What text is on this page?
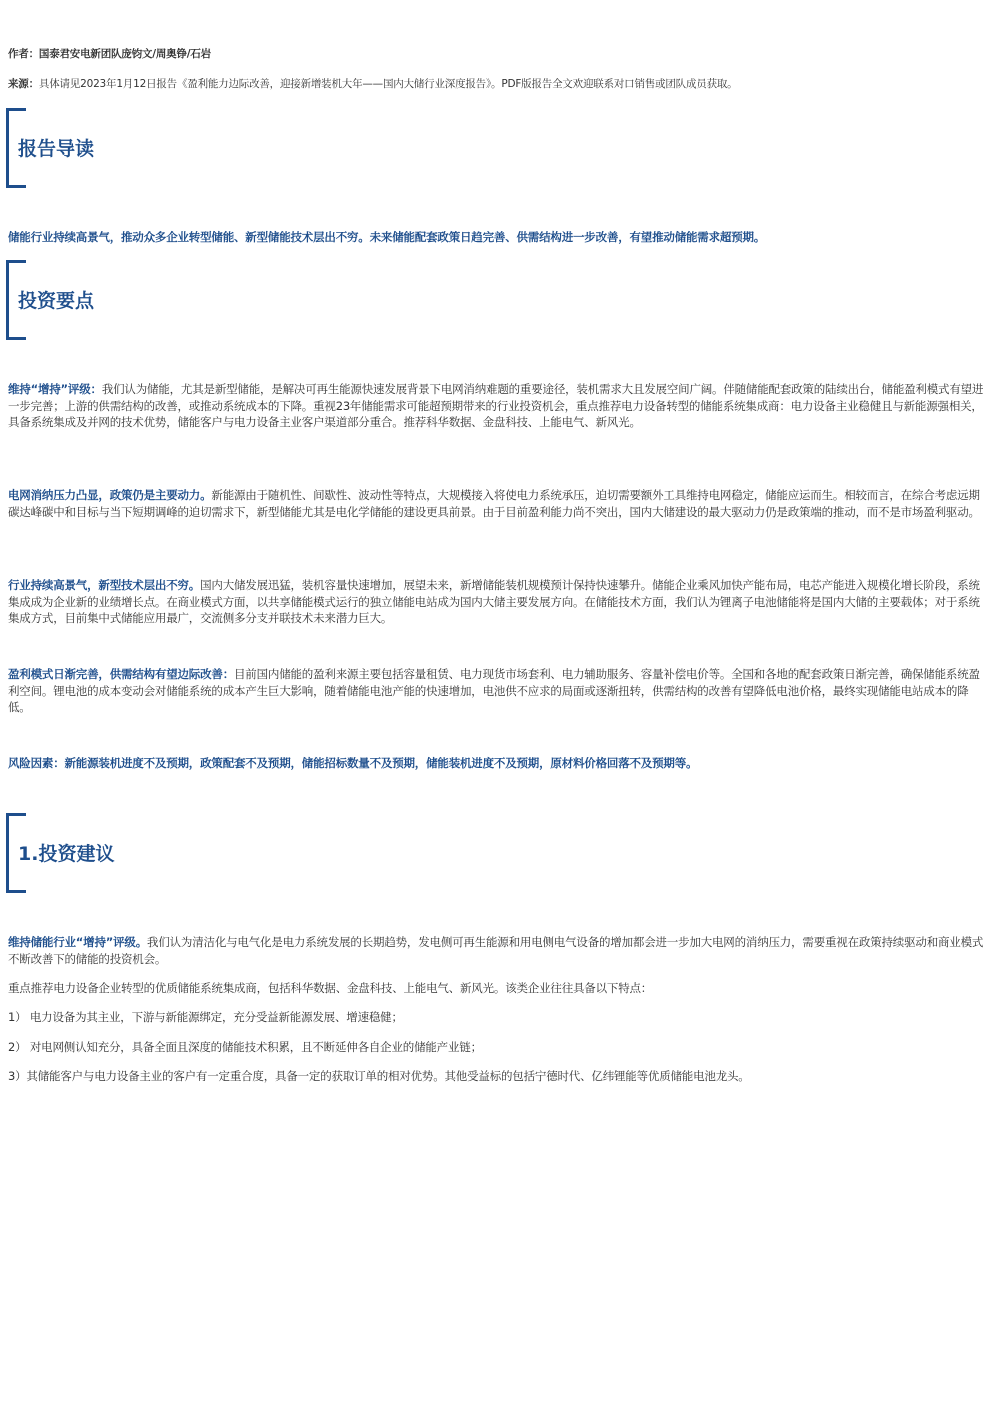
作者：国泰君安电新团队庞钧文/周奥铮/石岩
来源：具体请见2023年1月12日报告《盈利能力边际改善，迎接新增装机大年——国内大储行业深度报告》。PDF版报告全文欢迎联系对口销售或团队成员获取。
报告导读
储能行业持续高景气，推动众多企业转型储能、新型储能技术层出不穷。未来储能配套政策日趋完善、供需结构进一步改善，有望推动储能需求超预期。
投资要点
维持“增持”评级：我们认为储能，尤其是新型储能，是解决可再生能源快速发展背景下电网消纳难题的重要途径，装机需求大且发展空间广阔。伴随储能配套政策的陆续出台，储能盈利模式有望进一步完善；上游的供需结构的改善，或推动系统成本的下降。重视23年储能需求可能超预期带来的行业投资机会，重点推荐电力设备转型的储能系统集成商：电力设备主业稳健且与新能源强相关，具备系统集成及并网的技术优势，储能客户与电力设备主业客户渠道部分重合。推荐科华数据、金盘科技、上能电气、新风光。
电网消纳压力凸显，政策仍是主要动力。新能源由于随机性、间歇性、波动性等特点，大规模接入将使电力系统承压，迫切需要额外工具维持电网稳定，储能应运而生。相较而言，在综合考虑远期碳达峰碳中和目标与当下短期调峰的迫切需求下，新型储能尤其是电化学储能的建设更具前景。由于目前盈利能力尚不突出，国内大储建设的最大驱动力仍是政策端的推动，而不是市场盈利驱动。
行业持续高景气，新型技术层出不穷。国内大储发展迅猛，装机容量快速增加，展望未来，新增储能装机规模预计保持快速攀升。储能企业乘风加快产能布局，电芯产能进入规模化增长阶段，系统集成成为企业新的业绩增长点。在商业模式方面，以共享储能模式运行的独立储能电站成为国内大储主要发展方向。在储能技术方面，我们认为锂离子电池储能将是国内大储的主要载体；对于系统集成方式，目前集中式储能应用最广，交流侧多分支并联技术未来潜力巨大。
盈利模式日渐完善，供需结构有望边际改善：目前国内储能的盈利来源主要包括容量租赁、电力现货市场套利、电力辅助服务、容量补偿电价等。全国和各地的配套政策日渐完善，确保储能系统盈利空间。锂电池的成本变动会对储能系统的成本产生巨大影响，随着储能电池产能的快速增加，电池供不应求的局面或逐渐扭转，供需结构的改善有望降低电池价格，最终实现储能电站成本的降低。
风险因素：新能源装机进度不及预期，政策配套不及预期，储能招标数量不及预期，储能装机进度不及预期，原材料价格回落不及预期等。
1.投资建议
维持储能行业“增持”评级。我们认为清洁化与电气化是电力系统发展的长期趋势，发电侧可再生能源和用电侧电气设备的增加都会进一步加大电网的消纳压力，需要重视在政策持续驱动和商业模式不断改善下的储能的投资机会。
重点推荐电力设备企业转型的优质储能系统集成商，包括科华数据、金盘科技、上能电气、新风光。该类企业往往具备以下特点：
1） 电力设备为其主业，下游与新能源绑定，充分受益新能源发展、增速稳健；
2） 对电网侧认知充分，具备全面且深度的储能技术积累，且不断延伸各自企业的储能产业链；
3）其储能客户与电力设备主业的客户有一定重合度，具备一定的获取订单的相对优势。其他受益标的包括宁德时代、亿纬锂能等优质储能电池龙头。
